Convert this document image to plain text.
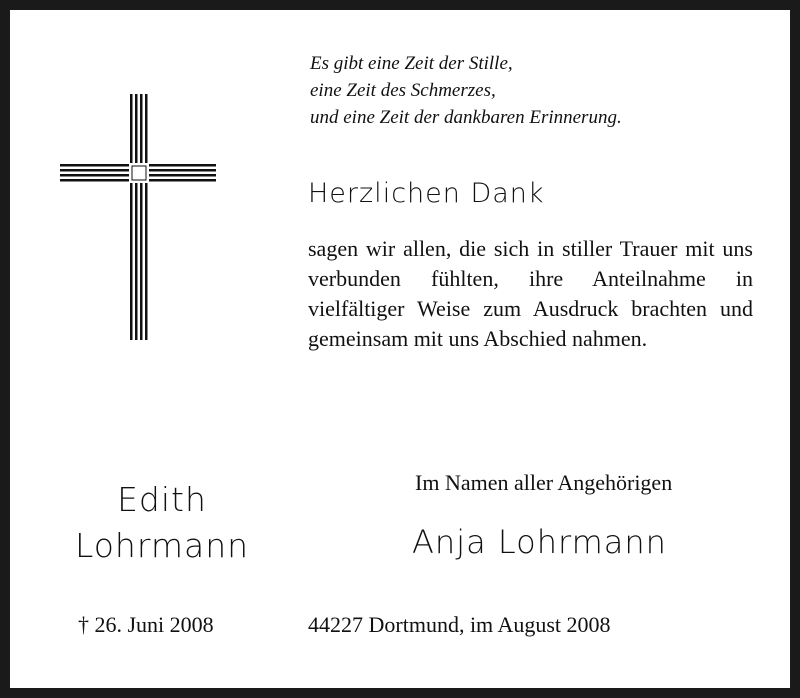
Es gibt eine Zeit der Stille,
eine Zeit des Schmerzes,
und eine Zeit der dankbaren Erinnerung.
Herzlichen Dank

sagen wir allen, die sich in stiller Trauer mit uns verbunden fühlten, ihre Anteilnahme in vielfältiger Weise zum Ausdruck brachten und gemeinsam mit uns Abschied nahmen.

Edith
Lohrmann
Im Namen aller Angehörigen
Anja Lohrmann
† 26. Juni 2008	44227 Dortmund, im August 2008
